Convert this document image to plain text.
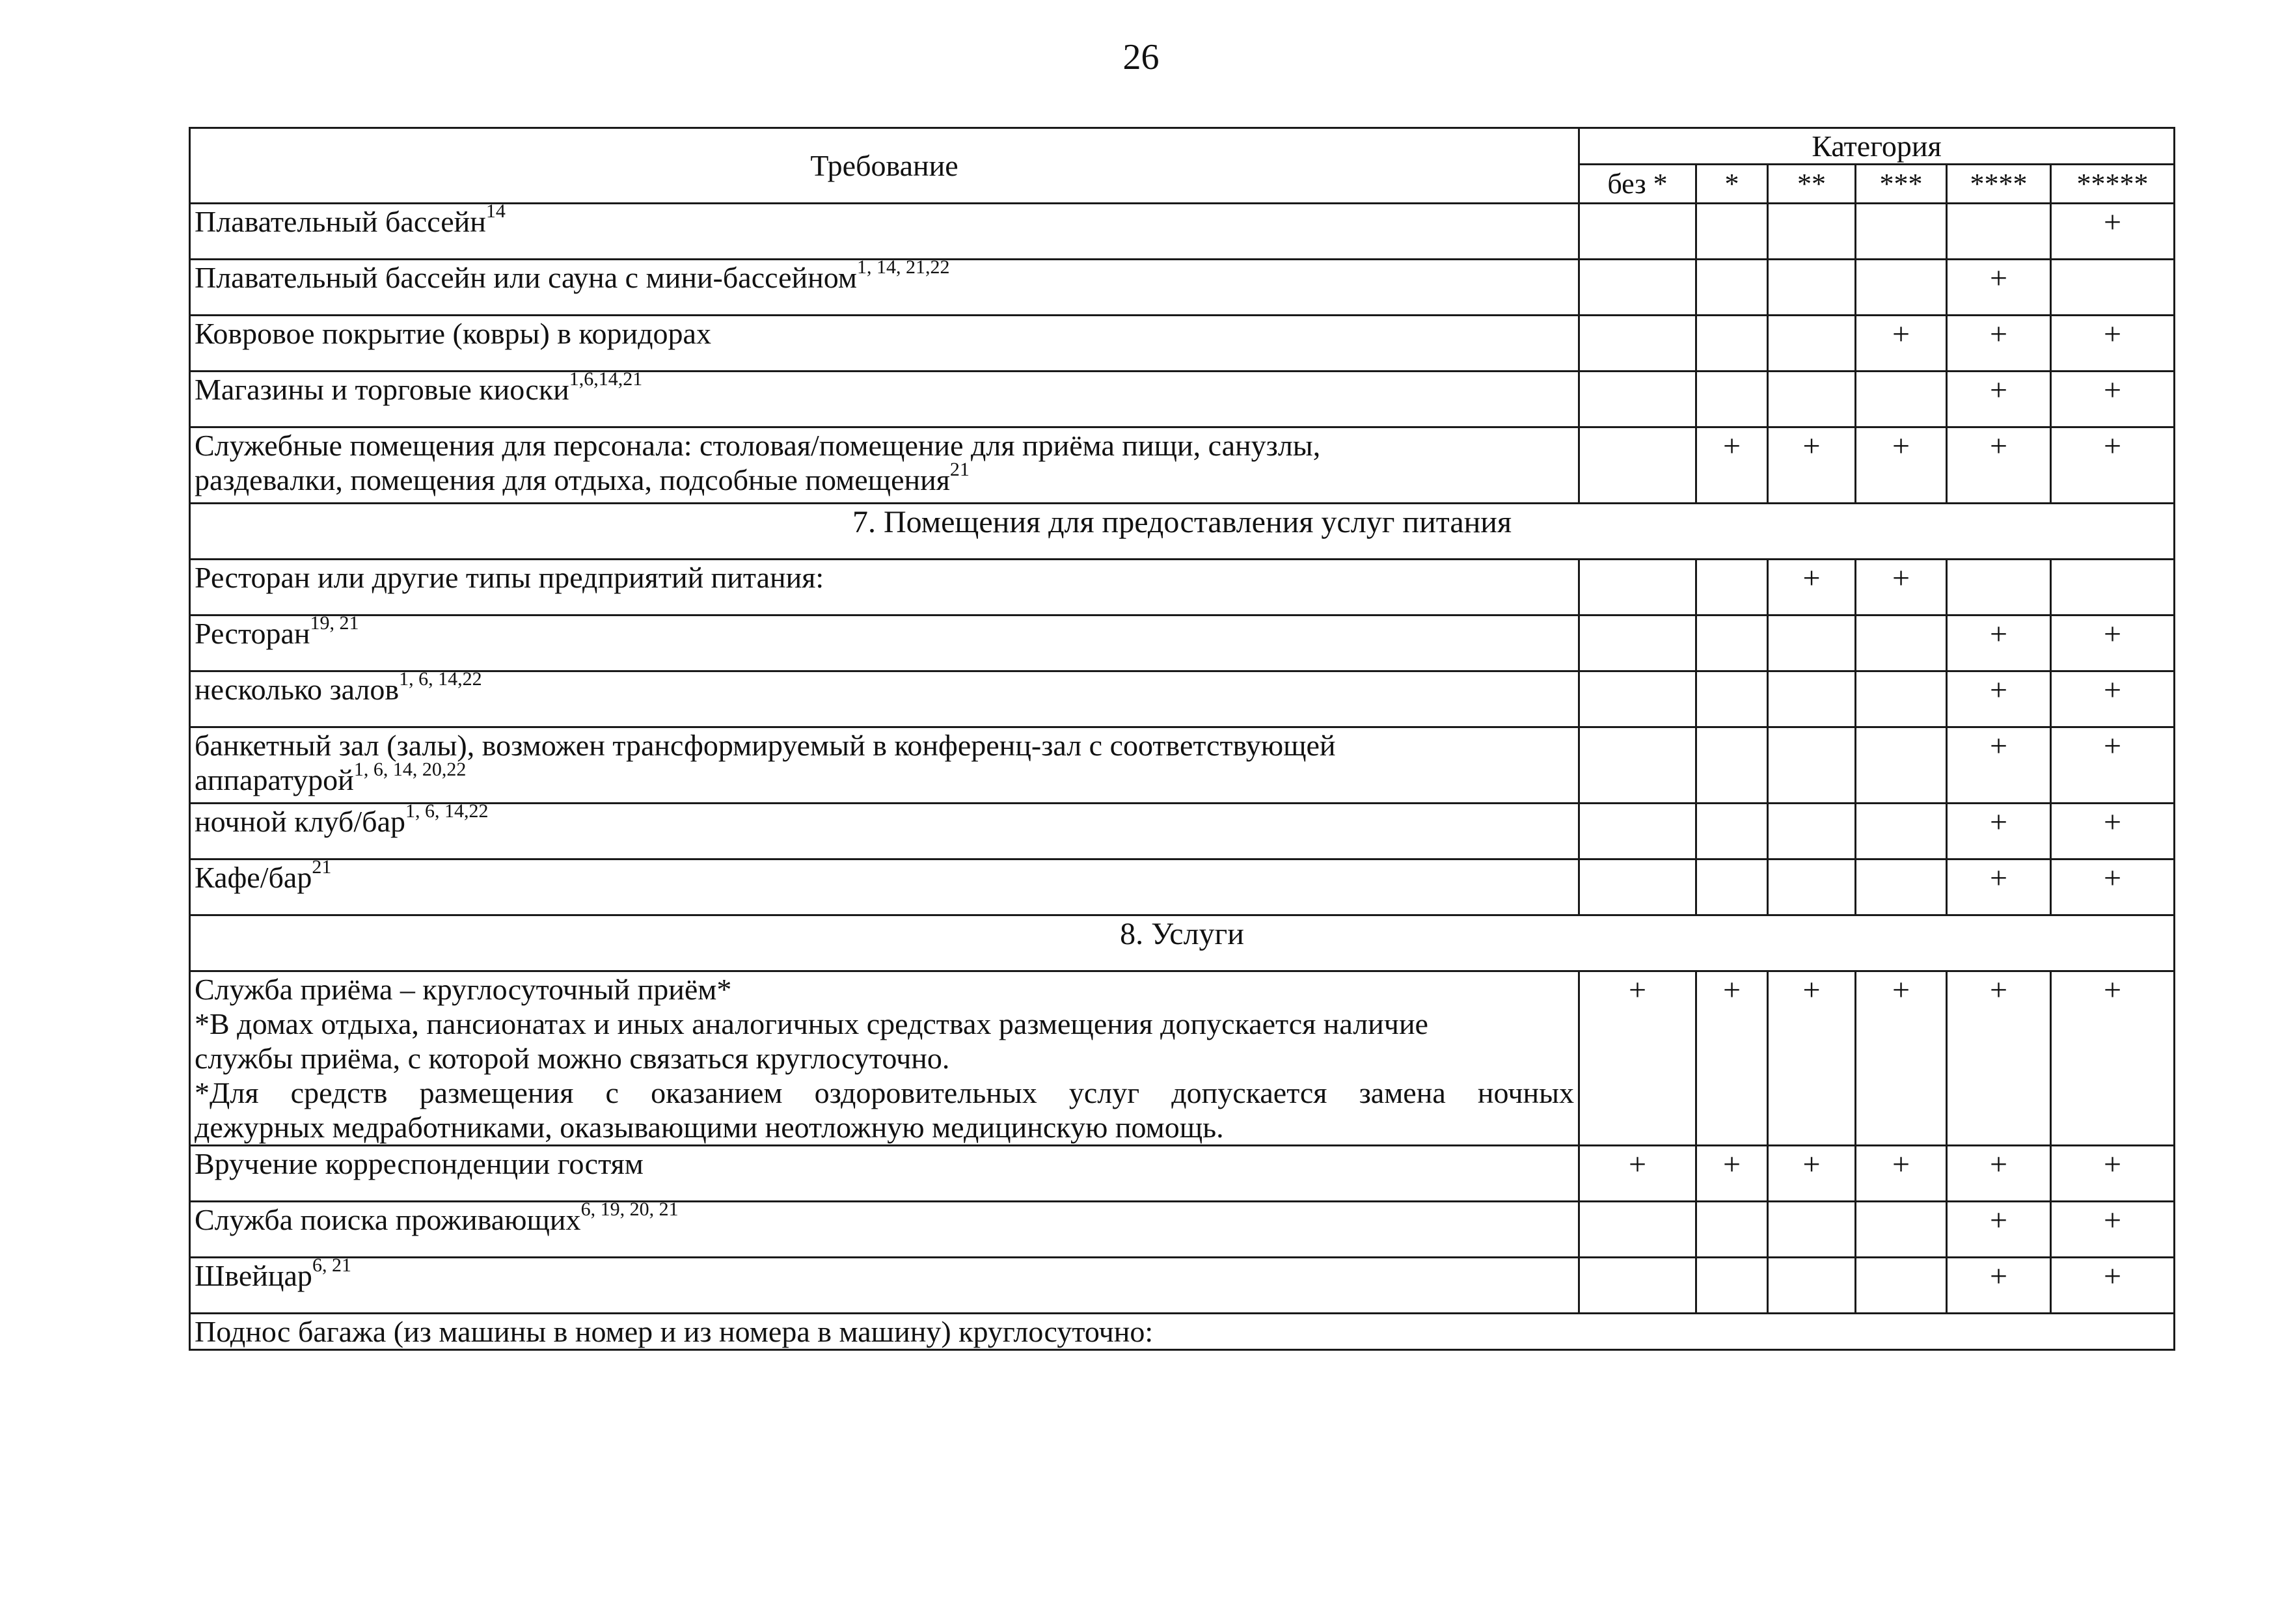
26
Требование	Категория					
	без *	*	**	***	****	*****
Плавательный бассейн$^{14}$						+
Плавательный бассейн или сауна с мини-бассейном$^{1, 14, 21,22}$					+	
Ковровое покрытие (ковры) в коридорах				+	+	+
Магазины и торговые киоски$^{1,6,14,21}$					+	+

Служебные помещения для персонала: столовая/помещение для приёма пищи, санузлы,
раздевалки, помещения для отдыха, подсобные помещения$^{21}$		+	+	+	+	+
7. Помещения для предоставления услуг питания						
Ресторан или другие типы предприятий питания:			+	+		
Ресторан$^{19, 21}$					+	+
несколько залов$^{1, 6, 14,22}$					+	+

банкетный зал (залы), возможен трансформируемый в конференц-зал с соответствующей
аппаратурой$^{1, 6, 14, 20,22}$					+	+
ночной клуб/бар$^{1, 6, 14,22}$					+	+
Кафе/бар$^{21}$					+	+
8. Услуги						

Служба приёма – круглосуточный приём*
*В домах отдыха, пансионатах и иных аналогичных средствах размещения допускается наличие
службы приёма, с которой можно связаться круглосуточно.
*Для средств размещения с оказанием оздоровительных услуг допускается замена ночных
дежурных медработниками, оказывающими неотложную медицинскую помощь.	+	+	+	+	+	+
Вручение корреспонденции гостям	+	+	+	+	+	+
Служба поиска проживающих$^{6, 19, 20, 21}$					+	+
Швейцар$^{6, 21}$					+	+
Поднос багажа (из машины в номер и из номера в машину) круглосуточно:						
